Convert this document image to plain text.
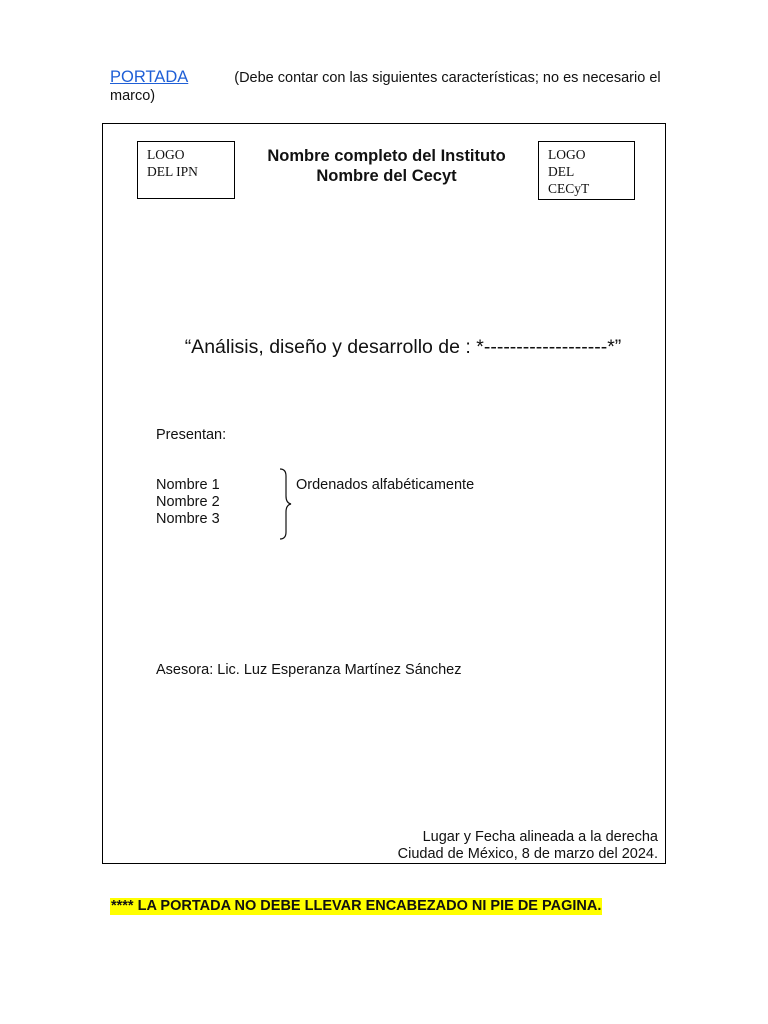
PORTADA	(Debe contar con las siguientes características; no es necesario el marco)
LOGO
DEL IPN
Nombre completo del Instituto
Nombre del Cecyt
LOGO
DEL
CECyT
“Análisis, diseño y desarrollo de : *-------------------*”
Presentan:
Nombre 1
Nombre 2
Nombre 3
Ordenados alfabéticamente
Asesora: Lic. Luz Esperanza Martínez Sánchez
Lugar y Fecha alineada a la derecha
Ciudad de México, 8 de marzo del 2024.
**** LA PORTADA NO DEBE LLEVAR ENCABEZADO NI PIE DE PAGINA.
